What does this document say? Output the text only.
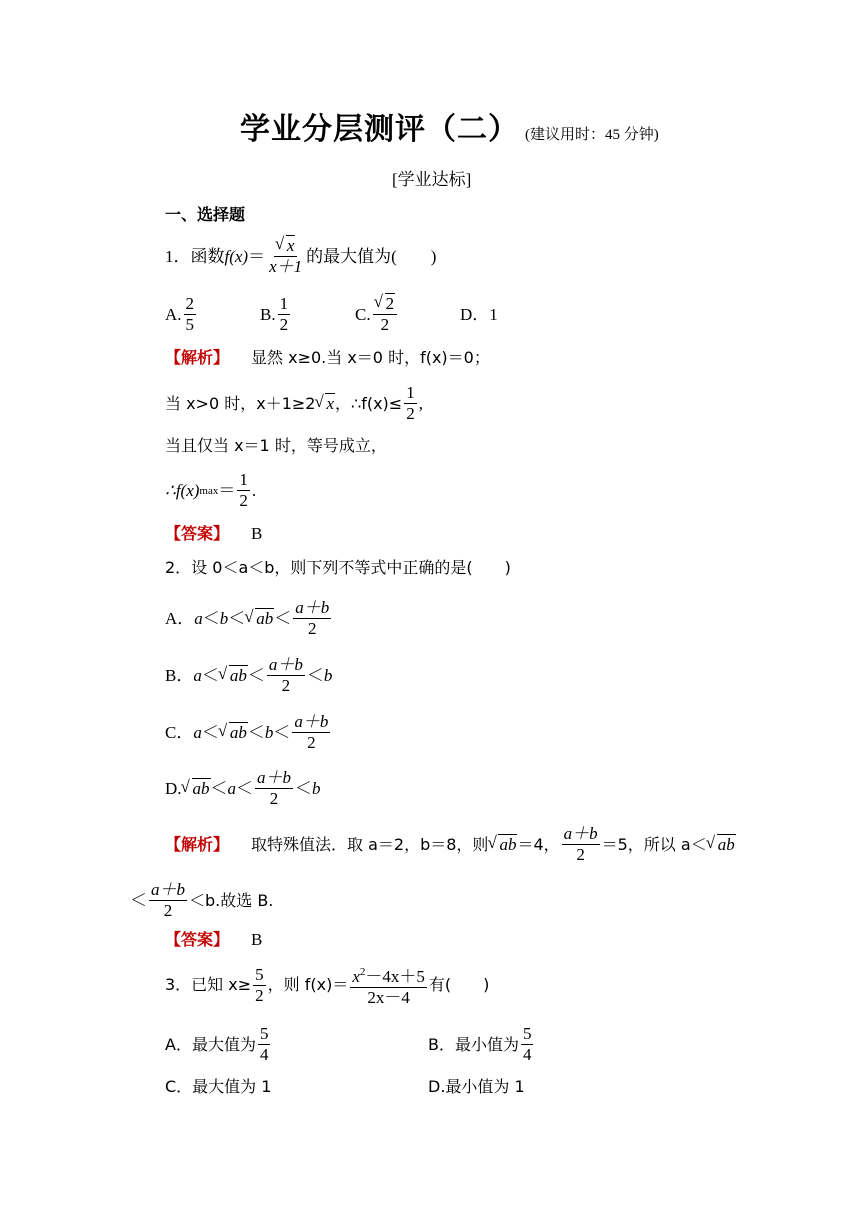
学业分层测评（二） (建议用时：45 分钟)
[学业达标]
一、选择题
1．函数 f(x) ＝ √ $\frac{x}{x+1}$ 的最大值为(　　)
A. $\frac{2}{5}$	B. $\frac{1}{2}$	C. √ $\frac{2}{2}$	D．1
【解析】 显然 x≥0.当 x＝0 时，f(x)＝0；
当 x>0 时，x＋1≥2 √ x ，∴f(x)≤ $\frac{1}{2}$ ,
当且仅当 x＝1 时，等号成立，
∴f(x) $\max = \frac{1}{2}$ .
【答案】 B
2．设 0＜a＜b，则下列不等式中正确的是(　　)
A． a ＜ b ＜ √ ab ＜ $\frac{a+b}{2}$
B． a ＜ √ ab ＜ $\frac{a+b}{2} < b$
C． a ＜ √ ab ＜ $b < \frac{a+b}{2}$
D. √ ab ＜ $a < \frac{a+b}{2} < b$
【解析】 取特殊值法．取 a＝2，b＝8，则 √ ab ＝4， $\frac{a+b}{2} =5$，所以 a＜ √ ab
＜ $\frac{a+b}{2} <b$.故选 B.
【答案】 B
3．已知 $x\ge \frac{5}{2}$ ，则 $f(x)= \frac{x^2-4x+5}{2x-4}$ 有(　　)
A．最大值为 $\frac{5}{4}$	B．最小值为 $\frac{5}{4}$
C．最大值为 1	D.最小值为 1
